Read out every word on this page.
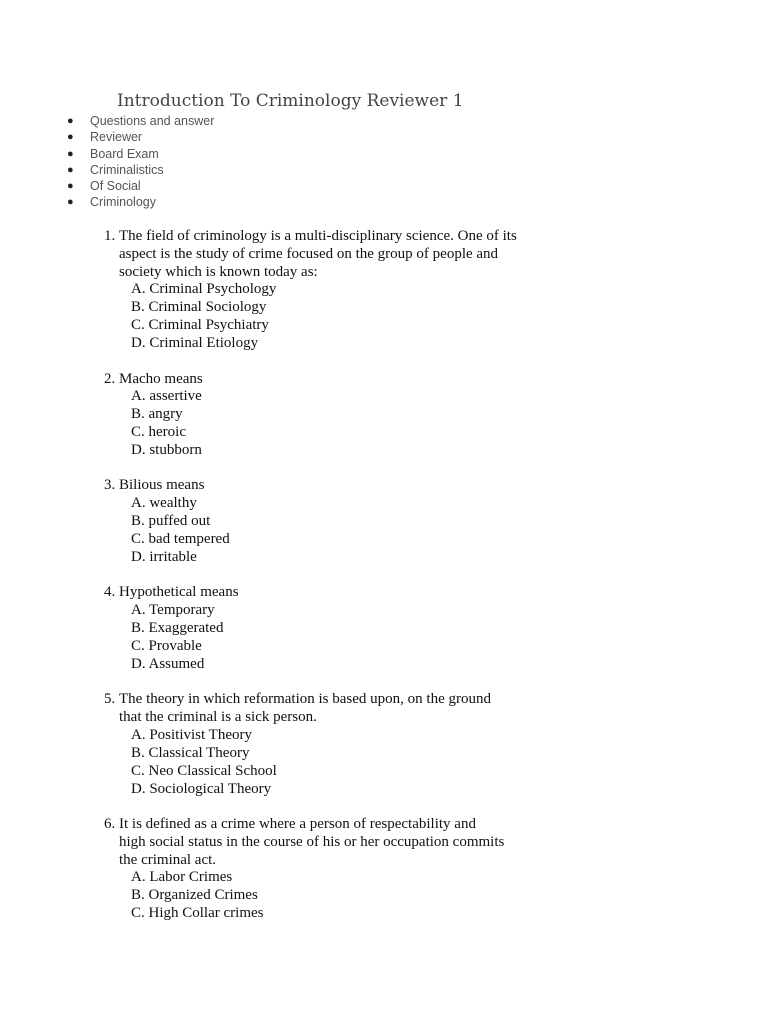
Introduction To Criminology Reviewer 1
● Questions and answer
● Reviewer
● Board Exam
● Criminalistics
● Of Social
● Criminology
1. The field of criminology is a multi-disciplinary science. One of its
aspect is the study of crime focused on the group of people and
society which is known today as:
A. Criminal Psychology
B. Criminal Sociology
C. Criminal Psychiatry
D. Criminal Etiology
2. Macho means
A. assertive
B. angry
C. heroic
D. stubborn
3. Bilious means
A. wealthy
B. puffed out
C. bad tempered
D. irritable
4. Hypothetical means
A. Temporary
B. Exaggerated
C. Provable
D. Assumed
5. The theory in which reformation is based upon, on the ground
that the criminal is a sick person.
A. Positivist Theory
B. Classical Theory
C. Neo Classical School
D. Sociological Theory
6. It is defined as a crime where a person of respectability and
high social status in the course of his or her occupation commits
the criminal act.
A. Labor Crimes
B. Organized Crimes
C. High Collar crimes
